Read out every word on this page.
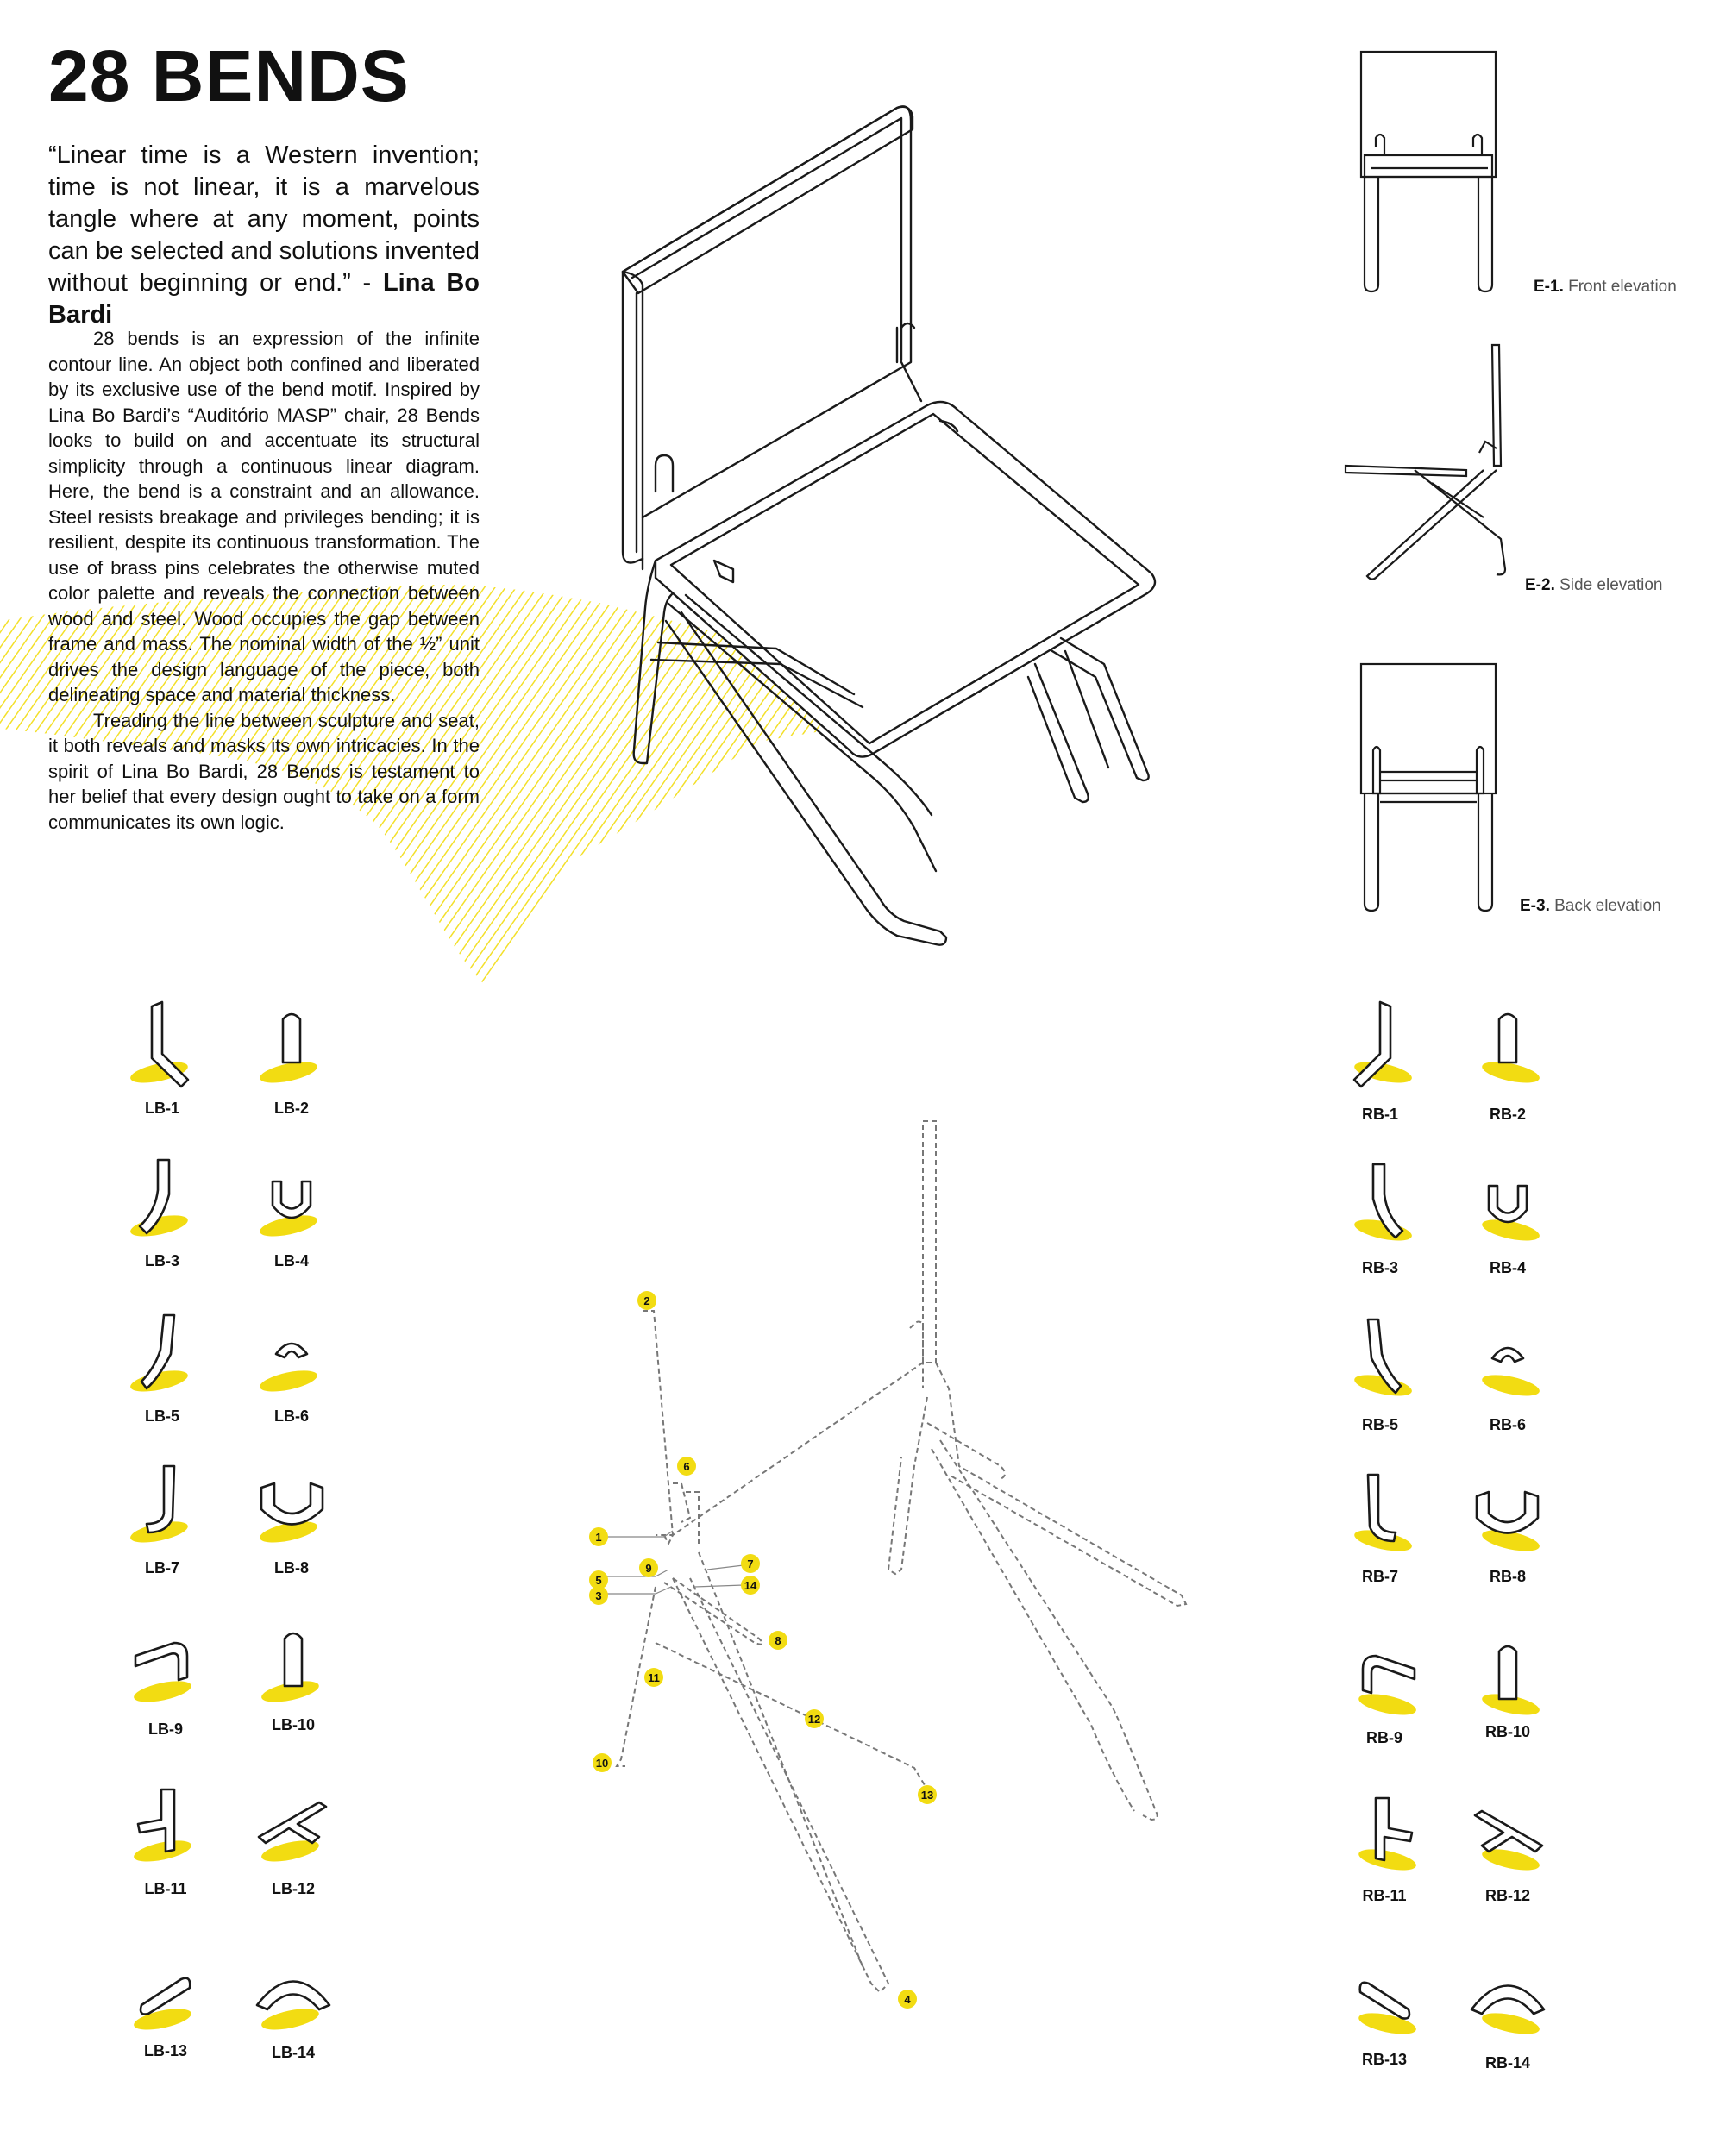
28 BENDS

“Linear time is a Western invention; time is not linear, it is a marvelous tangle where at any moment, points can be selected and solutions invented without beginning or end.” - Lina Bo Bardi

28 bends is an expression of the infinite contour line. An object both confined and liberated by its exclusive use of the bend motif. Inspired by Lina Bo Bardi’s “Auditório MASP” chair, 28 Bends looks to build on and accentuate its structural simplicity through a continuous linear diagram. Here, the bend is a constraint and an allowance. Steel resists breakage and privileges bending; it is resilient, despite its continuous transformation. The use of brass pins celebrates the otherwise muted color palette and reveals the connection between wood and steel. Wood occupies the gap between frame and mass. The nominal width of the ½” unit drives the design language of the piece, both delineating space and material thickness.

Treading the line between sculpture and seat, it both reveals and masks its own intricacies. In the spirit of Lina Bo Bardi, 28 Bends is testament to her belief that every design ought to take on a form communicates its own logic.

1
2
3
4
5
6
7
8
9
10
11
12
13
14
E-1. Front elevation
E-2. Side elevation
E-3. Back elevation
LB-1	LB-2
LB-3	LB-4
LB-5	LB-6
LB-7	LB-8
LB-9	LB-10
LB-11	LB-12
LB-13	LB-14
RB-1	RB-2
RB-3	RB-4
RB-5	RB-6
RB-7	RB-8
RB-9	RB-10
RB-11	RB-12
RB-13	RB-14
